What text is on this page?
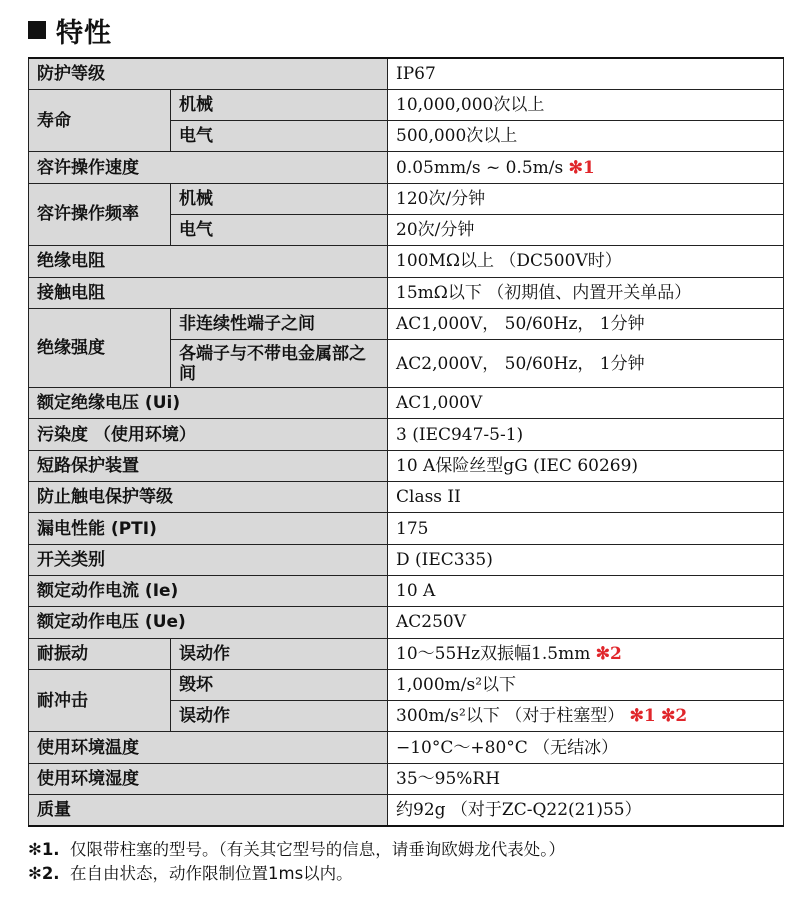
特性
防护等级		IP67
寿命	机械	10,000,000次以上
	电气	500,000次以上
容许操作速度		0.05mm/s ~ 0.5m/s ✻1
容许操作频率	机械	120次/分钟
	电气	20次/分钟
绝缘电阻		100MΩ以上 （DC500V时）
接触电阻		15mΩ以下 （初期值、内置开关单品）
绝缘强度	非连续性端子之间	AC1,000V， 50/60Hz， 1分钟
	各端子与不带电金属部之间	AC2,000V， 50/60Hz， 1分钟
额定绝缘电压 (Ui)		AC1,000V
污染度 （使用环境）		3 (IEC947-5-1)
短路保护装置		10 A保险丝型gG (IEC 60269)
防止触电保护等级		Class II
漏电性能 (PTI)		175
开关类别		D (IEC335)
额定动作电流 (Ie)		10 A
额定动作电压 (Ue)		AC250V
耐振动	误动作	10～55Hz双振幅1.5mm ✻2
耐冲击	毁坏	1,000m/s²以下
	误动作	300m/s²以下 （对于柱塞型） ✻1 ✻2
使用环境温度		−10°C～+80°C （无结冰）
使用环境湿度		35～95%RH
质量		约92g （对于ZC-Q22(21)55）
✻1. 仅限带柱塞的型号。（有关其它型号的信息，请垂询欧姆龙代表处。）
✻2. 在自由状态，动作限制位置1ms以内。
